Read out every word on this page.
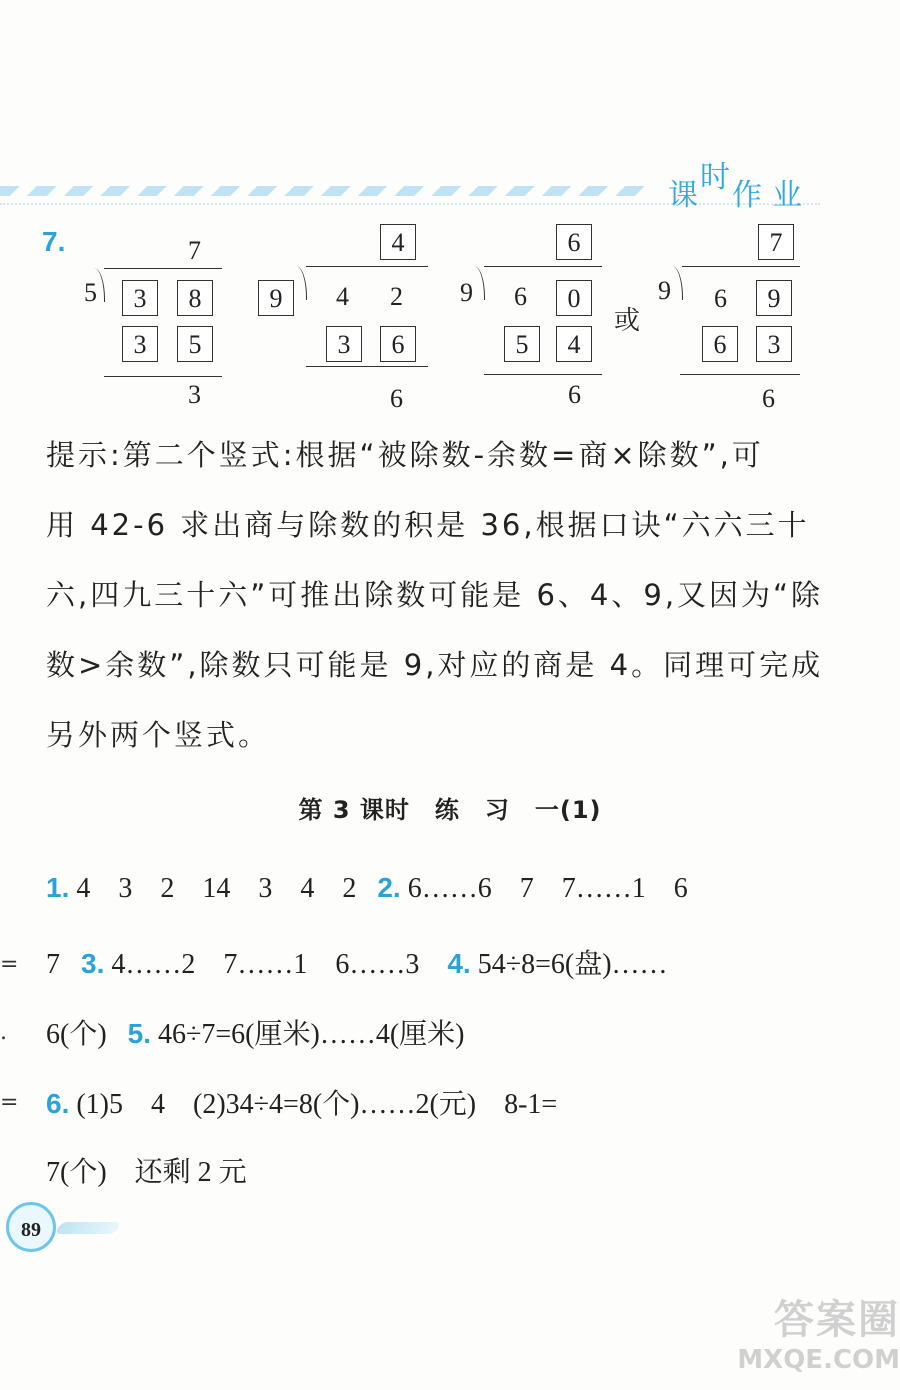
课时作 业
7.	7
5	3	8
3	5
3
4
9	4 2
3	6
6
6
9 6	0
5	4
6
或
7
9 6	9
6	3
6
提示:第二个竖式:根据“被除数-余数=商×除数”,可
用 42-6 求出商与除数的积是 36,根据口诀“六六三十
六,四九三十六”可推出除数可能是 6、4、9,又因为“除
数>余数”,除数只可能是 9,对应的商是 4。同理可完成
另外两个竖式。
第 3 课时　练　习　一(1)
1. 4    3    2    14    3    4    2   2. 6……6    7    7……1    6
7   3. 4……2    7……1    6……3    4. 54÷8=6(盘)……
6(个)   5. 46÷7=6(厘米)……4(厘米)
6. (1)5    4    (2)34÷4=8(个)……2(元)    8-1=
7(个)    还剩 2 元
=
.
=
89
答案圈
MXQE.COM
